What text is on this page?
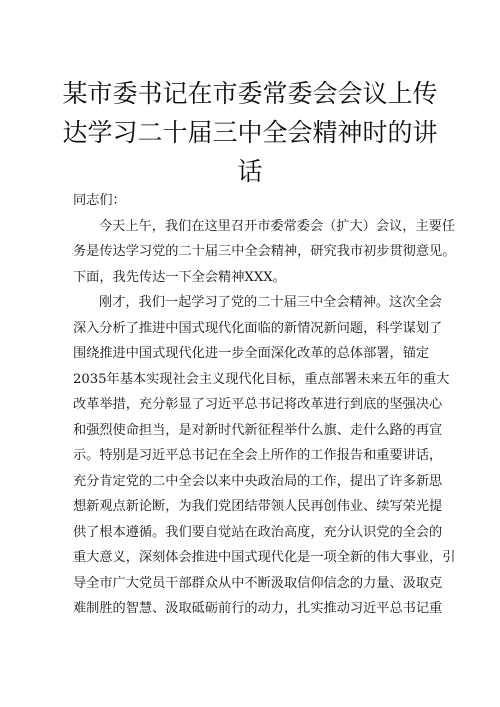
某市委书记在市委常委会会议上传
达学习二十届三中全会精神时的讲
话
同志们：
今天上午，我们在这里召开市委常委会（扩大）会议，主要任
务是传达学习党的二十届三中全会精神，研究我市初步贯彻意见。
下面，我先传达一下全会精神XXX。
刚才，我们一起学习了党的二十届三中全会精神。这次全会
深入分析了推进中国式现代化面临的新情况新问题，科学谋划了
围绕推进中国式现代化进一步全面深化改革的总体部署，锚定
2035年基本实现社会主义现代化目标，重点部署未来五年的重大
改革举措，充分彰显了习近平总书记将改革进行到底的坚强决心
和强烈使命担当，是对新时代新征程举什么旗、走什么路的再宣
示。特别是习近平总书记在全会上所作的工作报告和重要讲话，
充分肯定党的二中全会以来中央政治局的工作，提出了许多新思
想新观点新论断，为我们党团结带领人民再创伟业、续写荣光提
供了根本遵循。我们要自觉站在政治高度，充分认识党的全会的
重大意义，深刻体会推进中国式现代化是一项全新的伟大事业，引
导全市广大党员干部群众从中不断汲取信仰信念的力量、汲取克
难制胜的智慧、汲取砥砺前行的动力，扎实推动习近平总书记重
